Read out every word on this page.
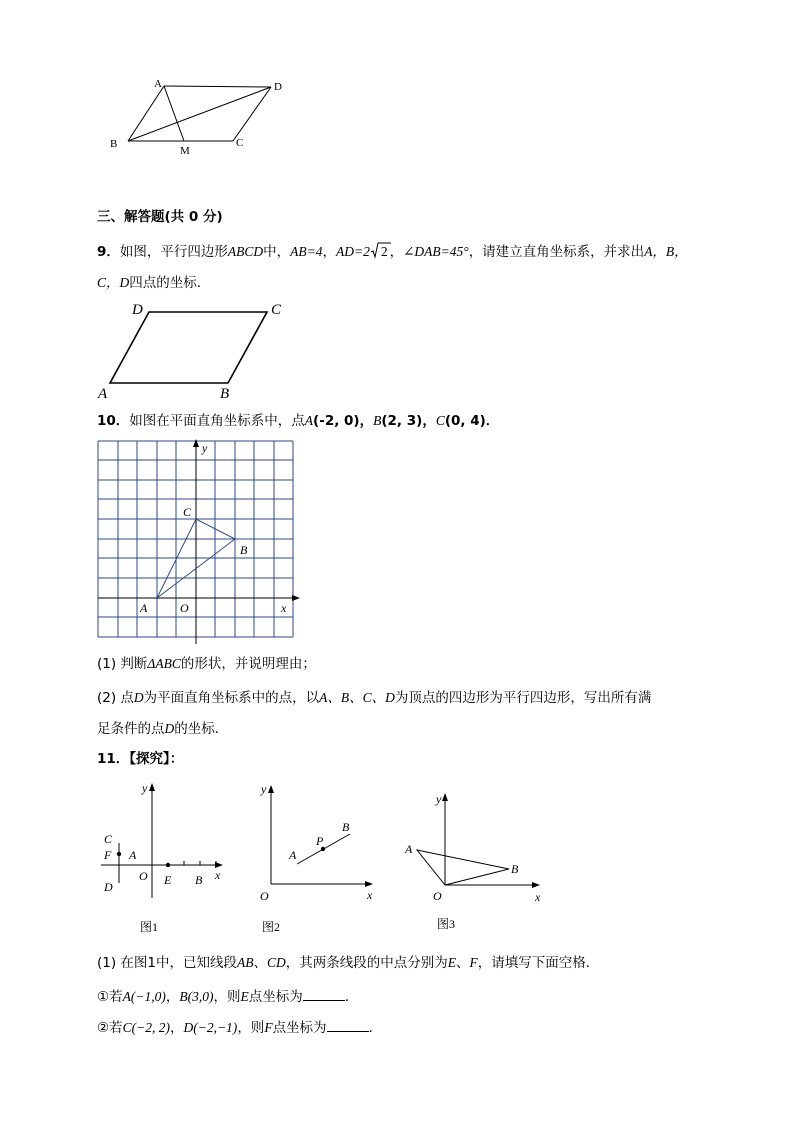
A	D
B
M
C
三、解答题(共 0 分)
9．如图，平行四边形ABCD中，AB=4，AD=2 2 ，∠DAB=45°，请建立直角坐标系，并求出A，B，
C，D四点的坐标．
D	C
A	B
10．如图在平面直角坐标系中，点A(-2, 0)，B(2, 3)，C(0, 4)．
y
x
O
A
B
C
(1) 判断ΔABC的形状，并说明理由；
(2) 点D为平面直角坐标系中的点，以A、B、C、D为顶点的四边形为平行四边形，写出所有满
足条件的点D的坐标．
11．【探究】：
y
C
F A
O E B x
D
图1
y
A
P
B
O	x
图2
y
A
B
O	x
图3
(1) 在图1中，已知线段AB、CD，其两条线段的中点分别为E、F，请填写下面空格．
①若A(−1,0)，B(3,0)，则E点坐标为	．
②若C(−2, 2)，D(−2,−1)，则F点坐标为	．
